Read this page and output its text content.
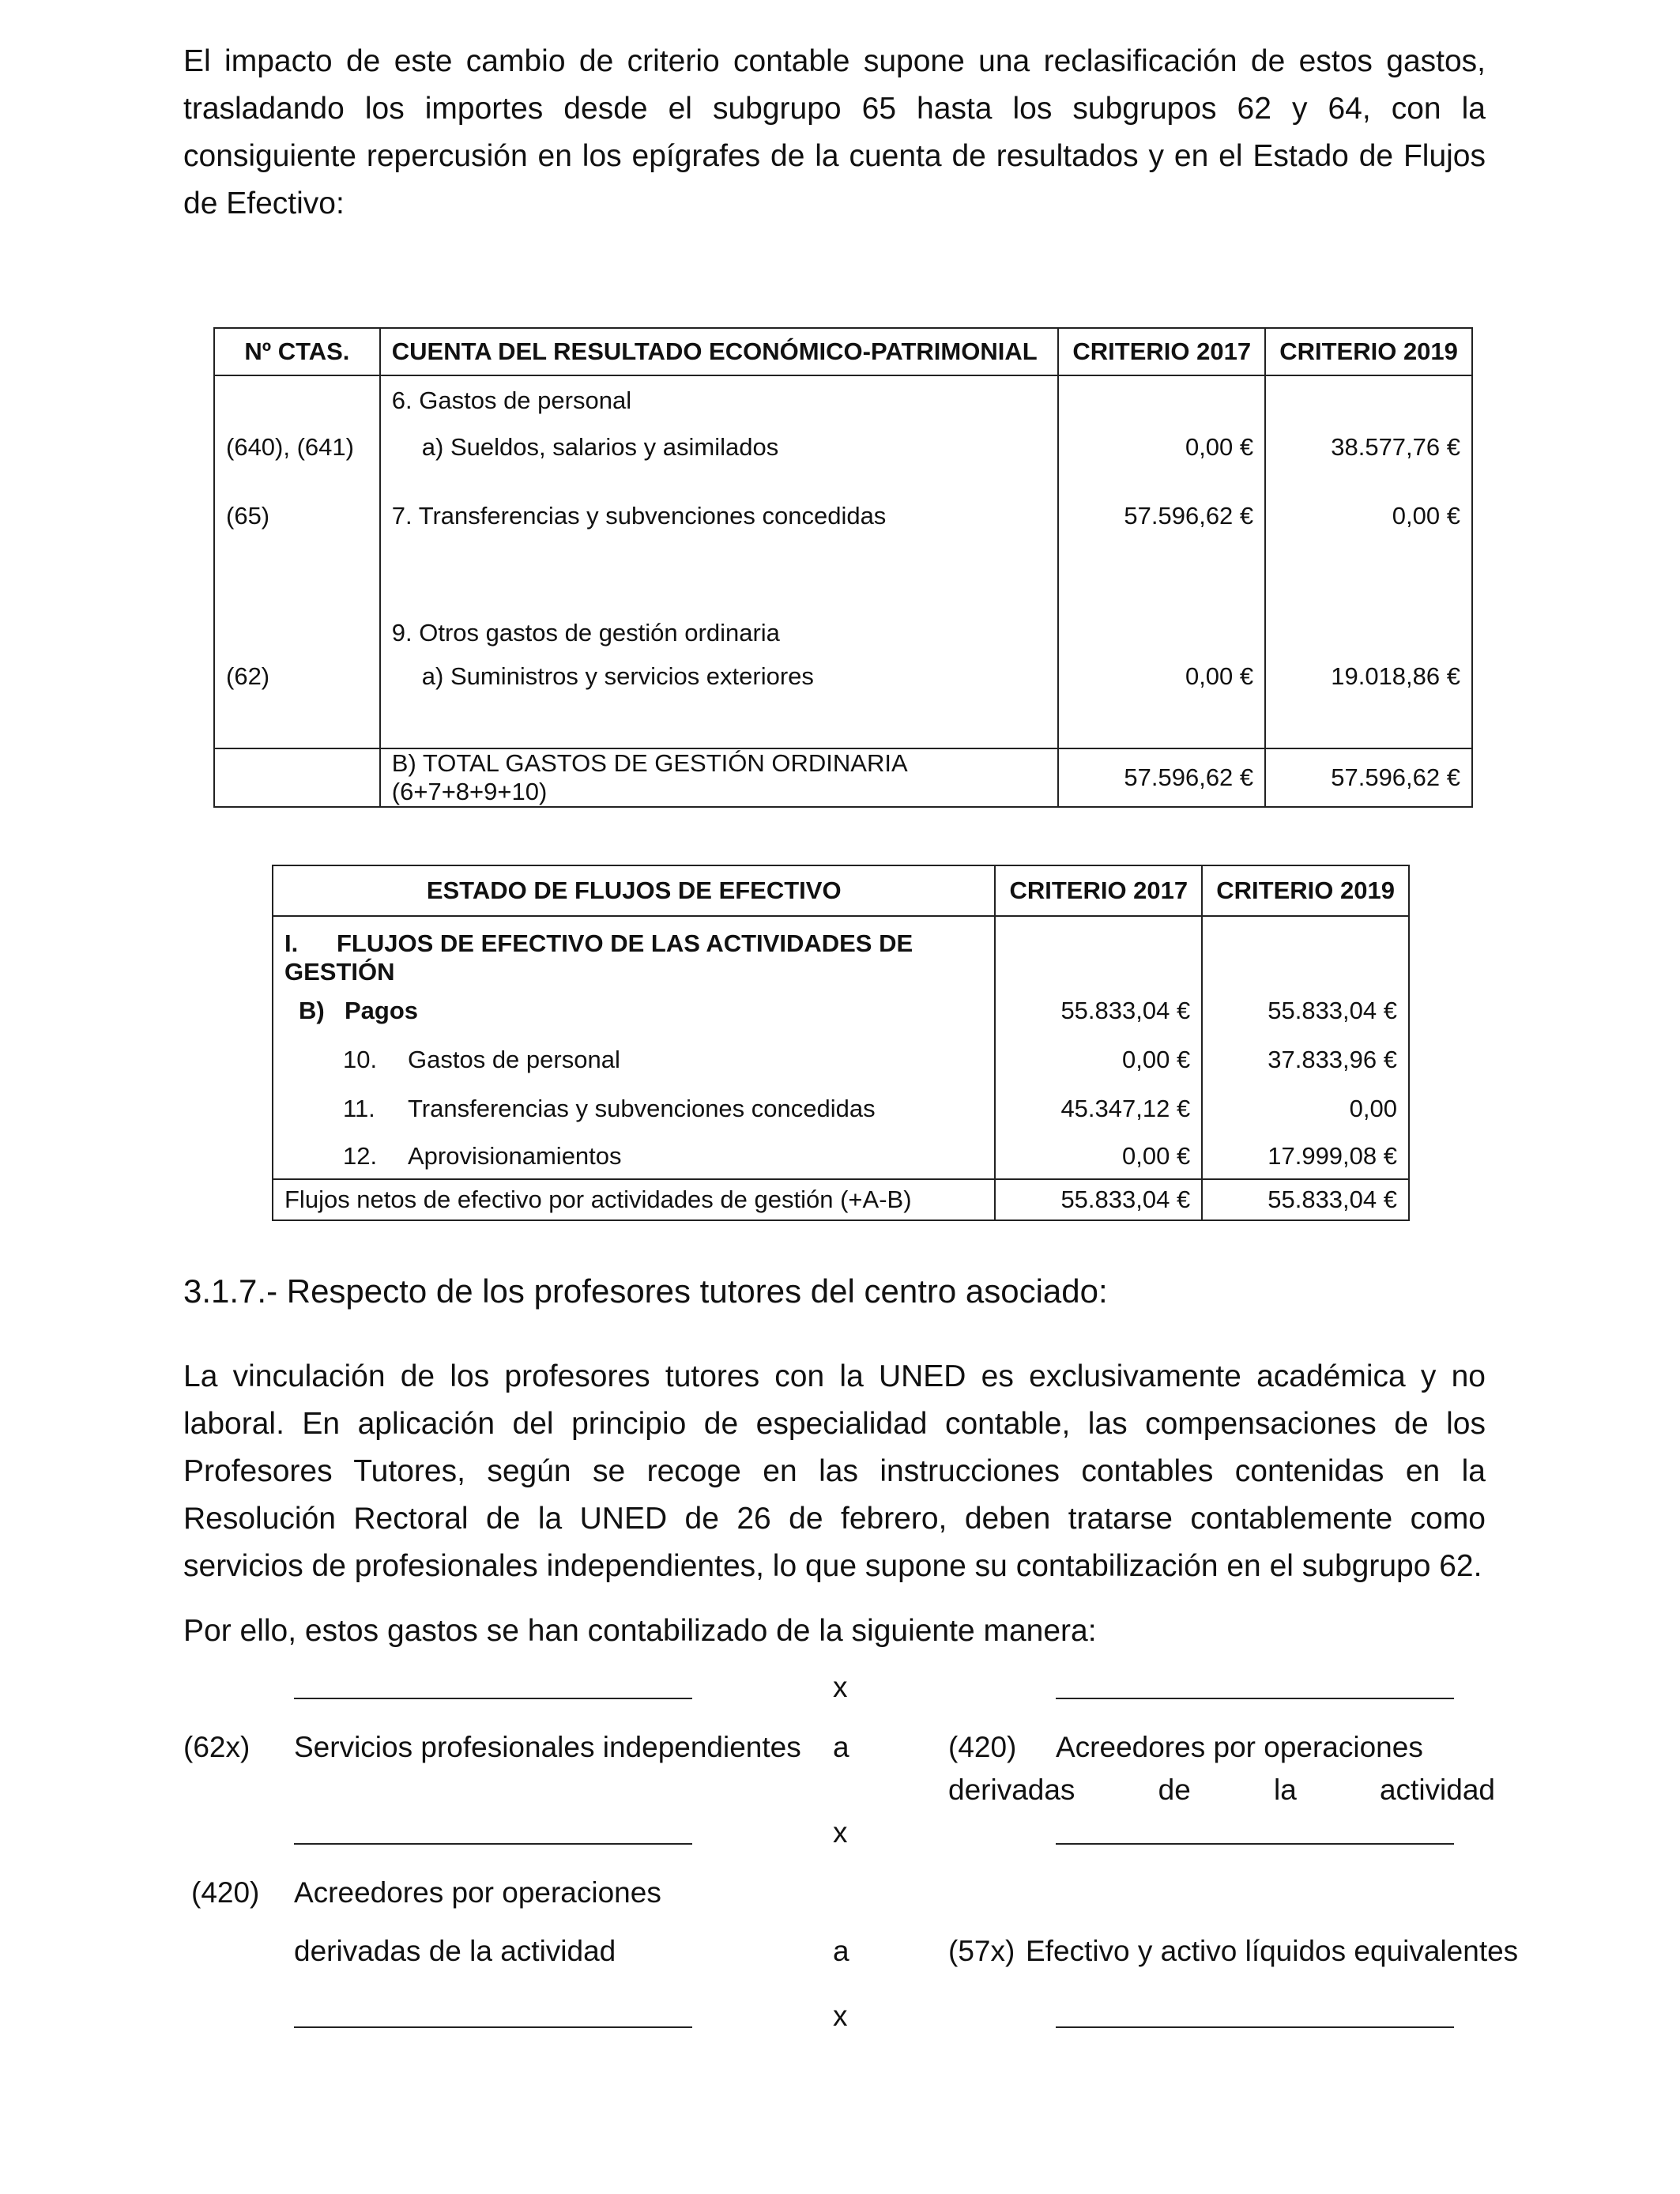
El impacto de este cambio de criterio contable supone una reclasificación de estos gastos, trasladando los importes desde el subgrupo 65 hasta los subgrupos 62 y 64, con la consiguiente repercusión en los epígrafes de la cuenta de resultados y en el Estado de Flujos de Efectivo:
Nº CTAS.	CUENTA DEL RESULTADO ECONÓMICO-PATRIMONIAL	CRITERIO 2017	CRITERIO 2019
	6. Gastos de personal		
(640), (641)	a) Sueldos, salarios y asimilados	0,00 €	38.577,76 €
(65)	7. Transferencias y subvenciones concedidas	57.596,62 €	0,00 €
	9. Otros gastos de gestión ordinaria		
(62)	a) Suministros y servicios exteriores	0,00 €	19.018,86 €

	B) TOTAL GASTOS DE GESTIÓN ORDINARIA (6+7+8+9+10)	57.596,62 €	57.596,62 €
ESTADO DE FLUJOS DE EFECTIVO	CRITERIO 2017	CRITERIO 2019
I. FLUJOS DE EFECTIVO DE LAS ACTIVIDADES DE GESTIÓN		
B) Pagos	55.833,04 €	55.833,04 €
10. Gastos de personal	0,00 €	37.833,96 €
11. Transferencias y subvenciones concedidas	45.347,12 €	0,00
12. Aprovisionamientos	0,00 €	17.999,08 €
Flujos netos de efectivo por actividades de gestión (+A-B)	55.833,04 €	55.833,04 €
3.1.7.- Respecto de los profesores tutores del centro asociado:
La vinculación de los profesores tutores con la UNED es exclusivamente académica y no laboral. En aplicación del principio de especialidad contable, las compensaciones de los Profesores Tutores, según se recoge en las instrucciones contables contenidas en la Resolución Rectoral de la UNED de 26 de febrero, deben tratarse contablemente como servicios de profesionales independientes, lo que supone su contabilización en el subgrupo 62.
Por ello, estos gastos se han contabilizado de la siguiente manera:
x
(62x) Servicios profesionales independientes a	(420) Acreedores por operaciones
derivadas	de	la	actividad
x
(420) Acreedores por operaciones
derivadas de la actividad	a	(57x) Efectivo y activo líquidos equivalentes
x
